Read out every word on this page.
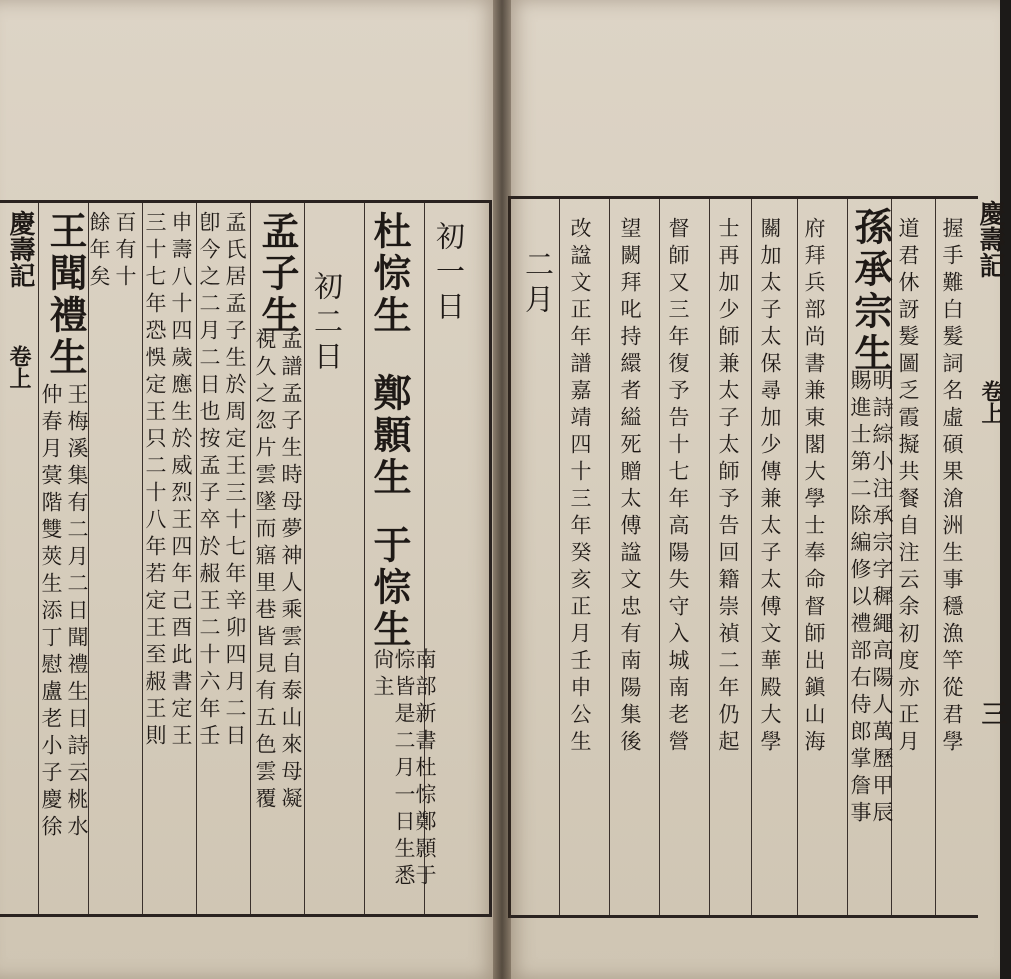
初一日
杜悰生
鄭顥生
于悰生
南部新書杜悰鄭顥于悰皆是二月一日生悉尙主
初二日
孟子生
孟譜孟子生時母夢神人乘雲自泰山來母凝
視久之忽片雲墜而寤里巷皆見有五色雲覆
孟氏居孟子生於周定王三十七年辛卯四月二日
卽今之二月二日也按孟子卒於赧王二十六年壬
申壽八十四歲應生於威烈王四年己酉此書定王
三十七年恐悞定王只二十八年若定王至赧王則
百有十
餘年矣
王聞禮生
王梅溪集有二月二日聞禮生日詩云桃水
仲春月蓂階雙莢生添丁慰盧老小子慶徐
慶壽記
卷上
二月 改諡文正年譜嘉靖四十三年癸亥正月壬申公生 望闕拜叱持繯者縊死贈太傅諡文忠有南陽集後 督師又三年復予告十七年高陽失守入城南老營 士再加少師兼太子太師予告回籍崇禎二年仍起 關加太子太保尋加少傳兼太子太傅文華殿大學 府拜兵部尚書兼東閣大學士奉命督師出鎭山海 孫承宗生
明詩綜小注承宗字穉繩高陽人萬歷甲辰
賜進士第二除編修以禮部右侍郎掌詹事 道君休訝髮圖乏霞擬共餐自注云余初度亦正月 握手難白髮詞名虛碩果滄洲生事穩漁竿從君學 慶壽記
卷上
三
